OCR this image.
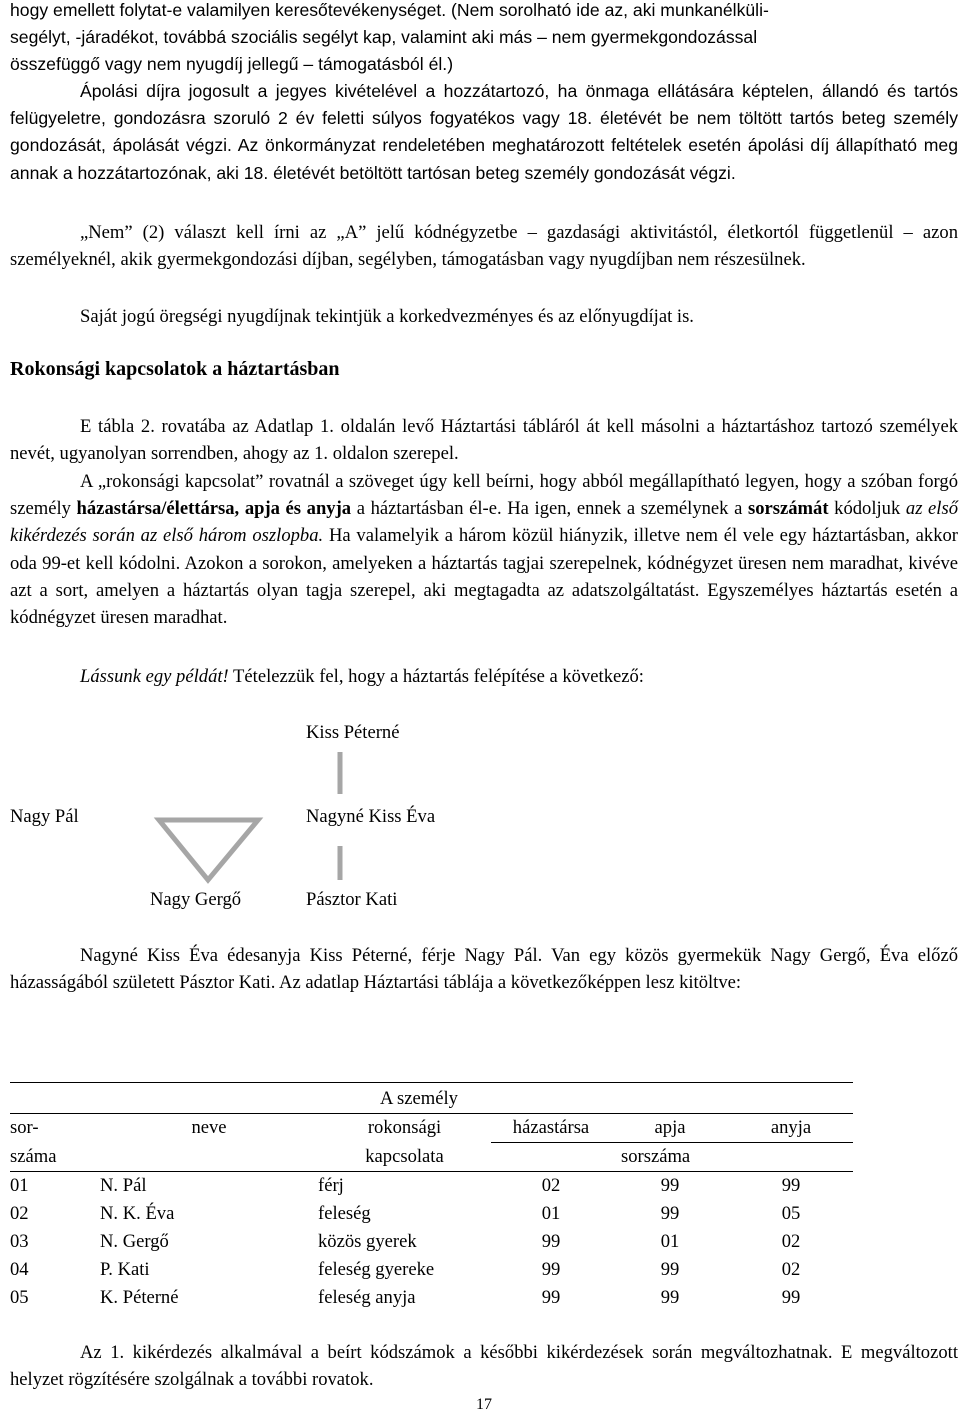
hogy emellett folytat-e valamilyen keresőtevékenységet. (Nem sorolható ide az, aki munkanélküli-

segélyt, -járadékot, továbbá szociális segélyt kap, valamint aki más – nem gyermekgondozással

összefüggő vagy nem nyugdíj jellegű – támogatásból él.)

Ápolási díjra jogosult a jegyes kivételével a hozzátartozó, ha önmaga ellátására képtelen, állandó és tartós felügyeletre, gondozásra szoruló 2 év feletti súlyos fogyatékos vagy 18. életévét be nem töltött tartós beteg személy gondozását, ápolását végzi. Az önkormányzat rendeletében meghatározott feltételek esetén ápolási díj állapítható meg annak a hozzátartozónak, aki 18. életévét betöltött tartósan beteg személy gondozását végzi.

„Nem” (2) választ kell írni az „A” jelű kódnégyzetbe – gazdasági aktivitástól, életkortól függetlenül – azon személyeknél, akik gyermekgondozási díjban, segélyben, támogatásban vagy nyugdíjban nem részesülnek.

Saját jogú öregségi nyugdíjnak tekintjük a korkedvezményes és az előnyugdíjat is.

Rokonsági kapcsolatok a háztartásban

E tábla 2. rovatába az Adatlap 1. oldalán levő Háztartási tábláról át kell másolni a háztartáshoz tartozó személyek nevét, ugyanolyan sorrendben, ahogy az 1. oldalon szerepel.

A „rokonsági kapcsolat” rovatnál a szöveget úgy kell beírni, hogy abból megállapítható legyen, hogy a szóban forgó személy házastársa/élettársa, apja és anyja a háztartásban él-e. Ha igen, ennek a személynek a sorszámát kódoljuk az első kikérdezés során az első három oszlopba. Ha valamelyik a három közül hiányzik, illetve nem él vele egy háztartásban, akkor oda 99-et kell kódolni. Azokon a sorokon, amelyeken a háztartás tagjai szerepelnek, kódnégyzet üresen nem maradhat, kivéve azt a sort, amelyen a háztartás olyan tagja szerepel, aki megtagadta az adatszolgáltatást. Egyszemélyes háztartás esetén a kódnégyzet üresen maradhat.

Lássunk egy példát! Tételezzük fel, hogy a háztartás felépítése a következő:

Kiss Péterné
Nagy Pál	Nagyné Kiss Éva
Nagy Gergő	Pásztor Kati

Nagyné Kiss Éva édesanyja Kiss Péterné, férje Nagy Pál. Van egy közös gyermekük Nagy Gergő, Éva előző házasságából született Pásztor Kati. Az adatlap Háztartási táblája a következőképpen lesz kitöltve:

		A személy			

sor-	neve	rokonsági	házastársa	apja	anyja
száma		kapcsolata	sorszáma		
01	N. Pál	férj	02	99	99
02	N. K. Éva	feleség	01	99	05
03	N. Gergő	közös gyerek	99	01	02
04	P. Kati	feleség gyereke	99	99	02
05	K. Péterné	feleség anyja	99	99	99

Az 1. kikérdezés alkalmával a beírt kódszámok a későbbi kikérdezések során megváltozhatnak. E megváltozott helyzet rögzítésére szolgálnak a további rovatok.

17
